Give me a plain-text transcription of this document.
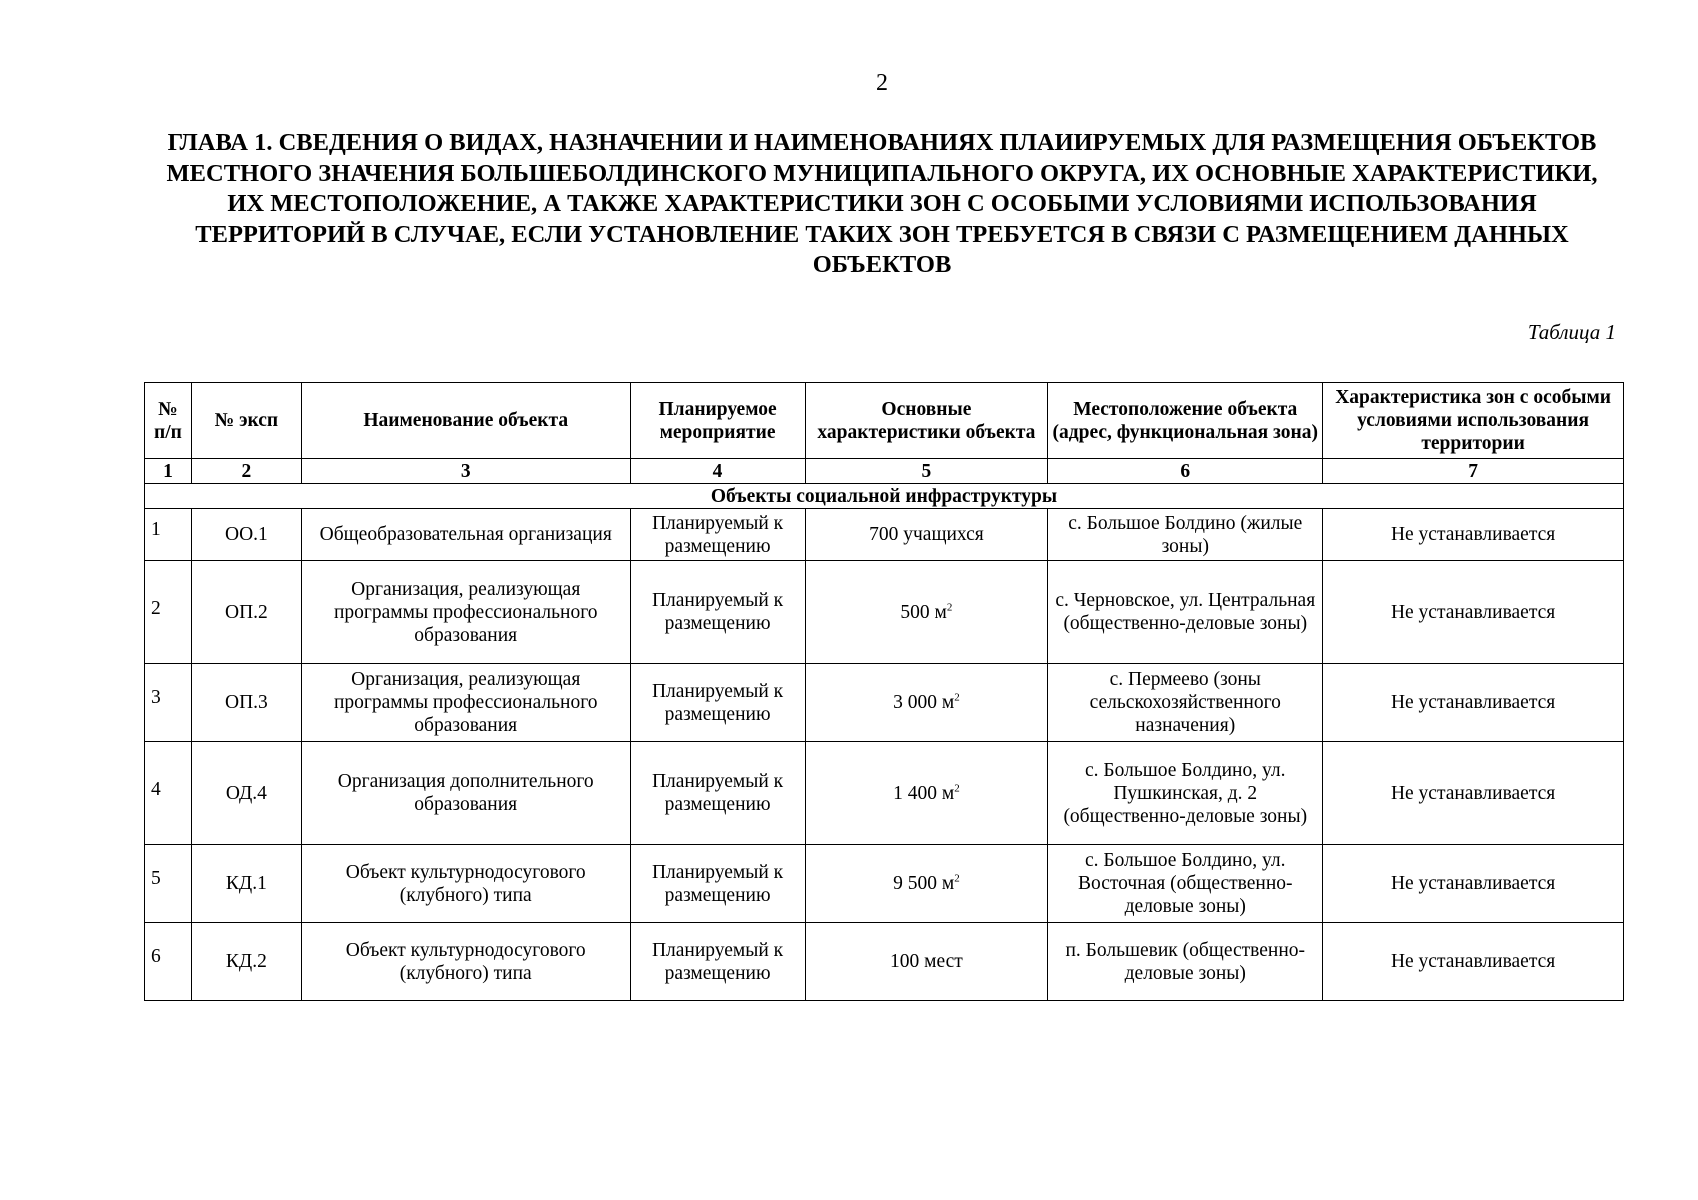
2
ГЛАВА 1. СВЕДЕНИЯ О ВИДАХ, НАЗНАЧЕНИИ И НАИМЕНОВАНИЯХ ПЛАИИРУЕМЫХ ДЛЯ РАЗМЕЩЕНИЯ ОБЪЕКТОВ МЕСТНОГО ЗНАЧЕНИЯ БОЛЬШЕБОЛДИНСКОГО МУНИЦИПАЛЬНОГО ОКРУГА, ИХ ОСНОВНЫЕ ХАРАКТЕРИСТИКИ, ИХ МЕСТОПОЛОЖЕНИЕ, А ТАКЖЕ ХАРАКТЕРИСТИКИ ЗОН С ОСОБЫМИ УСЛОВИЯМИ ИСПОЛЬЗОВАНИЯ ТЕРРИТОРИЙ В СЛУЧАЕ, ЕСЛИ УСТАНОВЛЕНИЕ ТАКИХ ЗОН ТРЕБУЕТСЯ В СВЯЗИ С РАЗМЕЩЕНИЕМ ДАННЫХ ОБЪЕКТОВ
Таблица 1
№ п/п	№ эксп	Наименование объекта	Планируемое мероприятие	Основные характеристики объекта	Местоположение объекта (адрес, функциональная зона)	Характеристика зон с особыми условиями использования территории
1	2	3	4	5	6	7
Объекты социальной инфраструктуры						
1	ОО.1	Общеобразовательная организация	Планируемый к размещению	700 учащихся	с. Большое Болдино (жилые зоны)	Не устанавливается
2	ОП.2	Организация, реализующая программы профессионального образования	Планируемый к размещению	500 $м^2$	с. Черновское, ул. Центральная (общественно-деловые зоны)	Не устанавливается
3	ОП.3	Организация, реализующая программы профессионального образования	Планируемый к размещению	3 000 $м^2$	с. Пермеево (зоны сельскохозяйственного назначения)	Не устанавливается
4	ОД.4	Организация дополнительного образования	Планируемый к размещению	1 400 $м^2$	с. Большое Болдино, ул. Пушкинская, д. 2 (общественно-деловые зоны)	Не устанавливается
5	КД.1	Объект культурнодосугового (клубного) типа	Планируемый к размещению	9 500 $м^2$	с. Большое Болдино, ул. Восточная (общественно-деловые зоны)	Не устанавливается
6	КД.2	Объект культурнодосугового (клубного) типа	Планируемый к размещению	100 мест	п. Большевик (общественно-деловые зоны)	Не устанавливается
